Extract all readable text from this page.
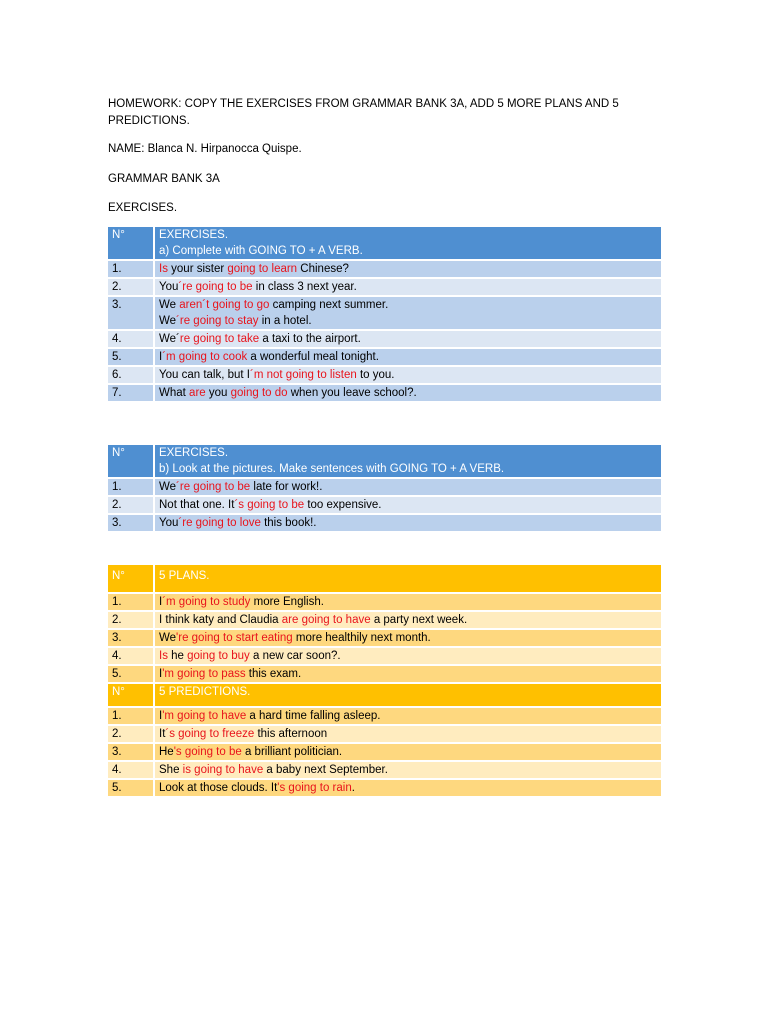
HOMEWORK: COPY THE EXERCISES FROM GRAMMAR BANK 3A, ADD 5 MORE PLANS AND 5
PREDICTIONS.
NAME: Blanca N. Hirpanocca Quispe.
GRAMMAR BANK 3A
EXERCISES.
N°	EXERCISES.
a) Complete with GOING TO + A VERB.

1.	Is your sister going to learn Chinese?

2.	You´re going to be in class 3 next year.

3.	We aren´t going to go camping next summer.
We´re going to stay in a hotel.

4.	We´re going to take a taxi to the airport.

5.	I´m going to cook a wonderful meal tonight.

6.	You can talk, but I´m not going to listen to you.

7.	What are you going to do when you leave school?.
N°	EXERCISES.
b) Look at the pictures. Make sentences with GOING TO + A VERB.

1.	We´re going to be late for work!.

2.	Not that one. It´s going to be too expensive.

3.	You´re going to love this book!.
N°	5 PLANS.
1.	I´m going to study more English.

2.	I think katy and Claudia are going to have a party next week.

3.	We're going to start eating more healthily next month.

4.	Is he going to buy a new car soon?.

5.	I'm going to pass this exam.

N°	5 PREDICTIONS.
1.	I'm going to have a hard time falling asleep.

2.	It´s going to freeze this afternoon

3.	He's going to be a brilliant politician.

4.	She is going to have a baby next September.

5.	Look at those clouds. It's going to rain.
